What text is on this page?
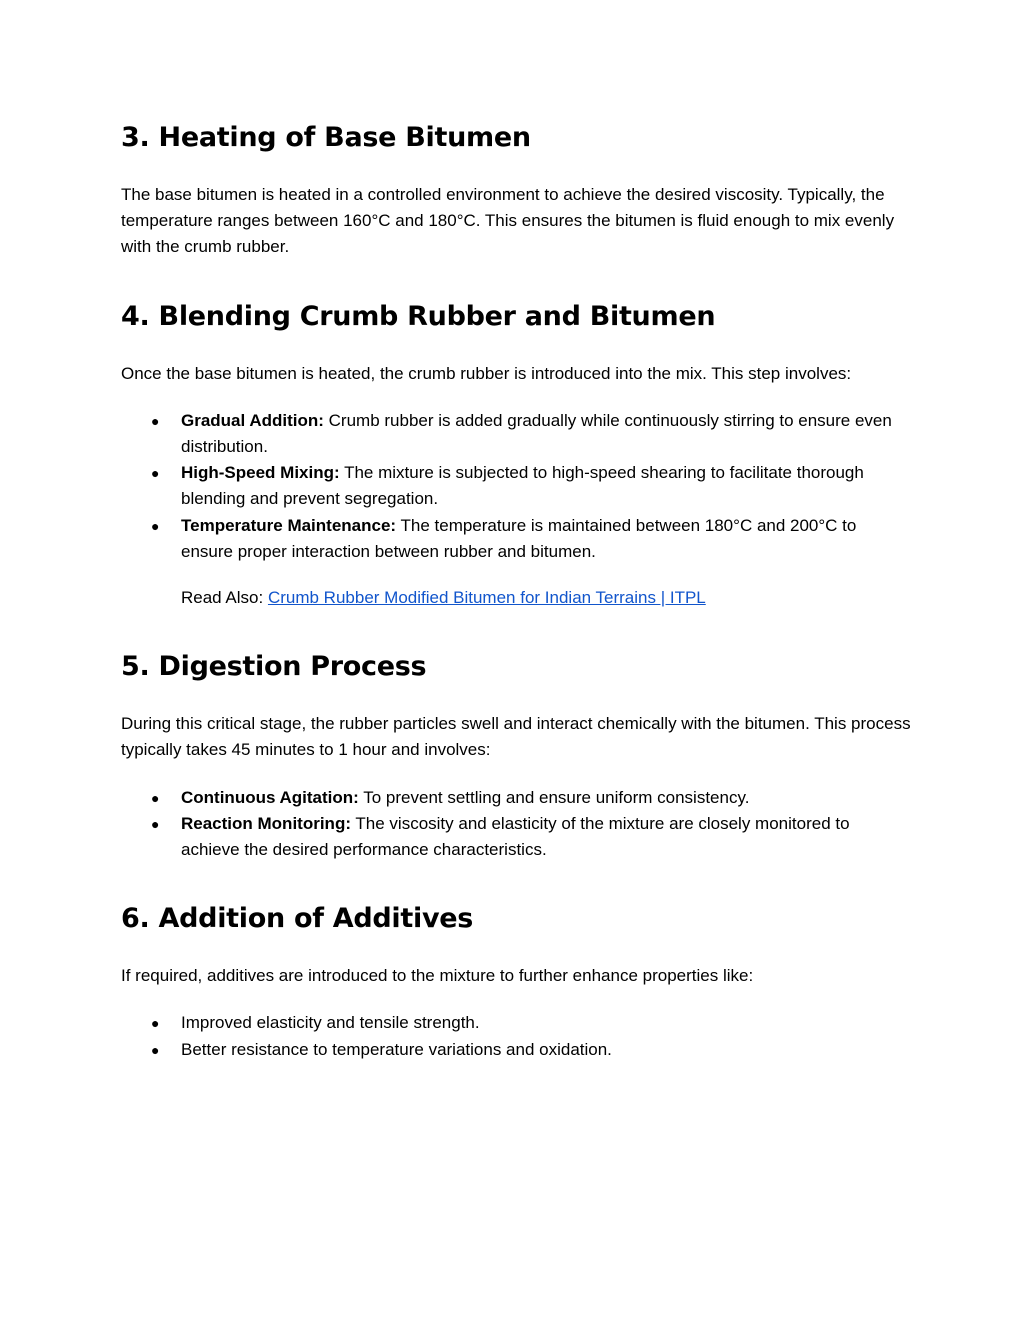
3. Heating of Base Bitumen

The base bitumen is heated in a controlled environment to achieve the desired viscosity. Typically, the temperature ranges between 160°C and 180°C. This ensures the bitumen is fluid enough to mix evenly with the crumb rubber.

4. Blending Crumb Rubber and Bitumen

Once the base bitumen is heated, the crumb rubber is introduced into the mix. This step involves:

● Gradual Addition: Crumb rubber is added gradually while continuously stirring to ensure even distribution.
● High-Speed Mixing: The mixture is subjected to high-speed shearing to facilitate thorough blending and prevent segregation.
● Temperature Maintenance: The temperature is maintained between 180°C and 200°C to ensure proper interaction between rubber and bitumen.
Read Also: Crumb Rubber Modified Bitumen for Indian Terrains | ITPL
5. Digestion Process

During this critical stage, the rubber particles swell and interact chemically with the bitumen. This process typically takes 45 minutes to 1 hour and involves:

● Continuous Agitation: To prevent settling and ensure uniform consistency.
● Reaction Monitoring: The viscosity and elasticity of the mixture are closely monitored to achieve the desired performance characteristics.
6. Addition of Additives

If required, additives are introduced to the mixture to further enhance properties like:

● Improved elasticity and tensile strength.
● Better resistance to temperature variations and oxidation.
